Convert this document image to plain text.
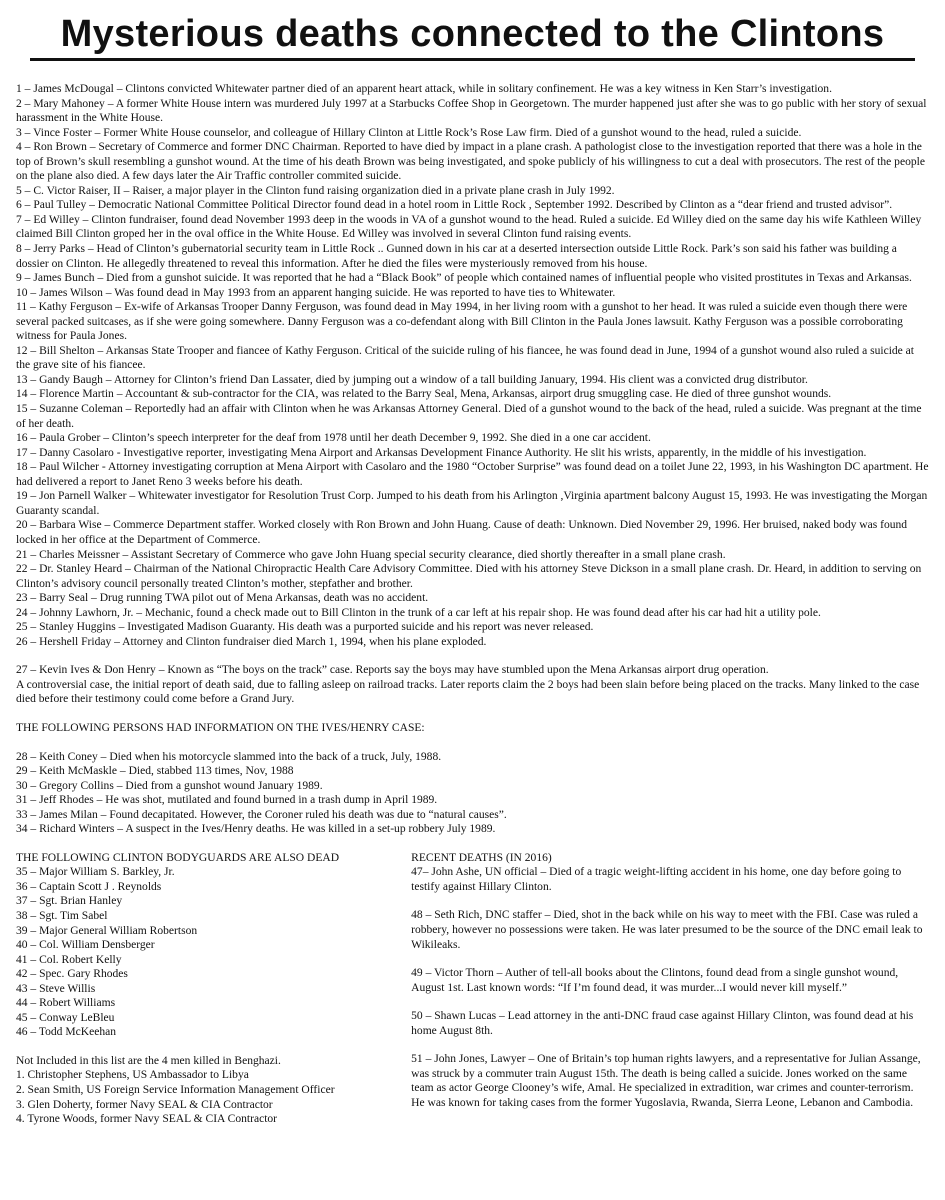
Mysterious deaths connected to the Clintons

1 – James McDougal – Clintons convicted Whitewater partner died of an apparent heart attack, while in solitary confinement. He was a key witness in Ken Starr’s investigation.

2 – Mary Mahoney – A former White House intern was murdered July 1997 at a Starbucks Coffee Shop in Georgetown. The murder happened just after she was to go public with her story of sexual harassment in the White House.

3 – Vince Foster – Former White House counselor, and colleague of Hillary Clinton at Little Rock’s Rose Law firm. Died of a gunshot wound to the head, ruled a suicide.

4 – Ron Brown – Secretary of Commerce and former DNC Chairman. Reported to have died by impact in a plane crash. A pathologist close to the investigation reported that there was a hole in the top of Brown’s skull resembling a gunshot wound. At the time of his death Brown was being investigated, and spoke publicly of his willingness to cut a deal with prosecutors. The rest of the people on the plane also died. A few days later the Air Traffic controller commited suicide.

5 – C. Victor Raiser, II – Raiser, a major player in the Clinton fund raising organization died in a private plane crash in July 1992.

6 – Paul Tulley – Democratic National Committee Political Director found dead in a hotel room in Little Rock , September 1992. Described by Clinton as a “dear friend and trusted advisor”.

7 – Ed Willey – Clinton fundraiser, found dead November 1993 deep in the woods in VA of a gunshot wound to the head. Ruled a suicide. Ed Willey died on the same day his wife Kathleen Willey claimed Bill Clinton groped her in the oval office in the White House. Ed Willey was involved in several Clinton fund raising events.

8 – Jerry Parks – Head of Clinton’s gubernatorial security team in Little Rock .. Gunned down in his car at a deserted intersection outside Little Rock. Park’s son said his father was building a dossier on Clinton. He allegedly threatened to reveal this information. After he died the files were mysteriously removed from his house.

9 – James Bunch – Died from a gunshot suicide. It was reported that he had a “Black Book” of people which contained names of influential people who visited prostitutes in Texas and Arkansas.

10 – James Wilson – Was found dead in May 1993 from an apparent hanging suicide. He was reported to have ties to Whitewater.

11 – Kathy Ferguson – Ex-wife of Arkansas Trooper Danny Ferguson, was found dead in May 1994, in her living room with a gunshot to her head. It was ruled a suicide even though there were several packed suitcases, as if she were going somewhere. Danny Ferguson was a co-defendant along with Bill Clinton in the Paula Jones lawsuit. Kathy Ferguson was a possible corroborating witness for Paula Jones.

12 – Bill Shelton – Arkansas State Trooper and fiancee of Kathy Ferguson. Critical of the suicide ruling of his fiancee, he was found dead in June, 1994 of a gunshot wound also ruled a suicide at the grave site of his fiancee.

13 – Gandy Baugh – Attorney for Clinton’s friend Dan Lassater, died by jumping out a window of a tall building January, 1994. His client was a convicted drug distributor.

14 – Florence Martin – Accountant & sub-contractor for the CIA, was related to the Barry Seal, Mena, Arkansas, airport drug smuggling case. He died of three gunshot wounds.

15 – Suzanne Coleman – Reportedly had an affair with Clinton when he was Arkansas Attorney General. Died of a gunshot wound to the back of the head, ruled a suicide. Was pregnant at the time of her death.

16 – Paula Grober – Clinton’s speech interpreter for the deaf from 1978 until her death December 9, 1992. She died in a one car accident.

17 – Danny Casolaro - Investigative reporter, investigating Mena Airport and Arkansas Development Finance Authority. He slit his wrists, apparently, in the middle of his investigation.

18 – Paul Wilcher - Attorney investigating corruption at Mena Airport with Casolaro and the 1980 “October Surprise” was found dead on a toilet June 22, 1993, in his Washington DC apartment. He had delivered a report to Janet Reno 3 weeks before his death.

19 – Jon Parnell Walker – Whitewater investigator for Resolution Trust Corp. Jumped to his death from his Arlington ,Virginia apartment balcony August 15, 1993. He was investigating the Morgan Guaranty scandal.

20 – Barbara Wise – Commerce Department staffer. Worked closely with Ron Brown and John Huang. Cause of death: Unknown. Died November 29, 1996. Her bruised, naked body was found locked in her office at the Department of Commerce.

21 – Charles Meissner – Assistant Secretary of Commerce who gave John Huang special security clearance, died shortly thereafter in a small plane crash.

22 – Dr. Stanley Heard – Chairman of the National Chiropractic Health Care Advisory Committee. Died with his attorney Steve Dickson in a small plane crash. Dr. Heard, in addition to serving on Clinton’s advisory council personally treated Clinton’s mother, stepfather and brother.

23 – Barry Seal – Drug running TWA pilot out of Mena Arkansas, death was no accident.

24 – Johnny Lawhorn, Jr. – Mechanic, found a check made out to Bill Clinton in the trunk of a car left at his repair shop. He was found dead after his car had hit a utility pole.

25 – Stanley Huggins – Investigated Madison Guaranty. His death was a purported suicide and his report was never released.

26 – Hershell Friday – Attorney and Clinton fundraiser died March 1, 1994, when his plane exploded.

27 – Kevin Ives & Don Henry – Known as “The boys on the track” case. Reports say the boys may have stumbled upon the Mena Arkansas airport drug operation.

A controversial case, the initial report of death said, due to falling asleep on railroad tracks. Later reports claim the 2 boys had been slain before being placed on the tracks. Many linked to the case died before their testimony could come before a Grand Jury.

THE FOLLOWING PERSONS HAD INFORMATION ON THE IVES/HENRY CASE:

28 – Keith Coney – Died when his motorcycle slammed into the back of a truck, July, 1988.

29 – Keith McMaskle – Died, stabbed 113 times, Nov, 1988

30 – Gregory Collins – Died from a gunshot wound January 1989.

31 – Jeff Rhodes – He was shot, mutilated and found burned in a trash dump in April 1989.

33 – James Milan – Found decapitated. However, the Coroner ruled his death was due to “natural causes”.

34 – Richard Winters – A suspect in the Ives/Henry deaths. He was killed in a set-up robbery July 1989.

THE FOLLOWING CLINTON BODYGUARDS ARE ALSO DEAD

35 – Major William S. Barkley, Jr.

36 – Captain Scott J . Reynolds

37 – Sgt. Brian Hanley

38 – Sgt. Tim Sabel

39 – Major General William Robertson

40 – Col. William Densberger

41 – Col. Robert Kelly

42 – Spec. Gary Rhodes

43 – Steve Willis

44 – Robert Williams

45 – Conway LeBleu

46 – Todd McKeehan

Not Included in this list are the 4 men killed in Benghazi.

1. Christopher Stephens, US Ambassador to Libya

2. Sean Smith, US Foreign Service Information Management Officer

3. Glen Doherty, former Navy SEAL & CIA Contractor

4. Tyrone Woods, former Navy SEAL & CIA Contractor

RECENT DEATHS (IN 2016)

47– John Ashe, UN official – Died of a tragic weight-lifting accident in his home, one day before going to testify against Hillary Clinton.

48 – Seth Rich, DNC staffer – Died, shot in the back while on his way to meet with the FBI. Case was ruled a robbery, however no possessions were taken. He was later presumed to be the source of the DNC email leak to Wikileaks.

49 – Victor Thorn – Auther of tell-all books about the Clintons, found dead from a single gunshot wound, August 1st. Last known words: “If I’m found dead, it was murder...I would never kill myself.”

50 – Shawn Lucas – Lead attorney in the anti-DNC fraud case against Hillary Clinton, was found dead at his home August 8th.

51 – John Jones, Lawyer – One of Britain’s top human rights lawyers, and a representative for Julian Assange, was struck by a commuter train August 15th. The death is being called a suicide. Jones worked on the same team as actor George Clooney’s wife, Amal. He specialized in extradition, war crimes and counter-terrorism. He was known for taking cases from the former Yugoslavia, Rwanda, Sierra Leone, Lebanon and Cambodia.
